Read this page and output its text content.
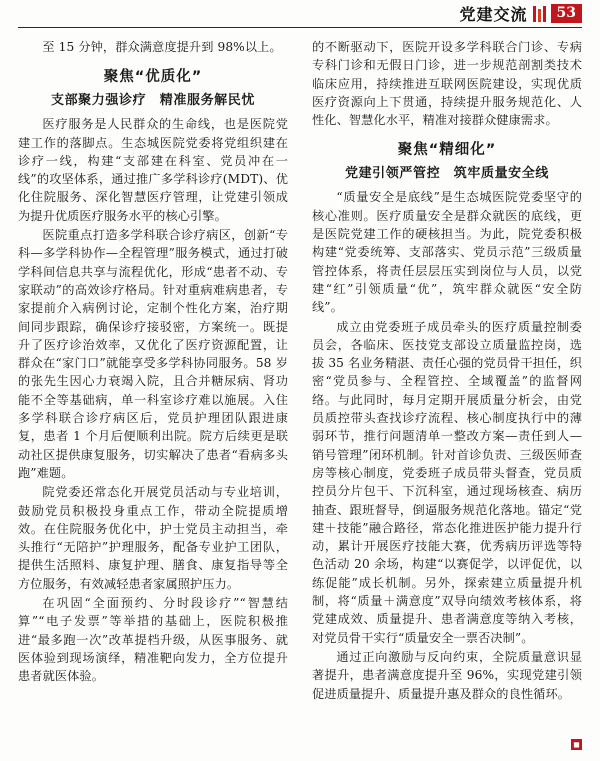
党建交流	53

至 15 分钟，群众满意度提升到 98%以上。

聚焦“优质化”
支部聚力强诊疗　精准服务解民忧

医疗服务是人民群众的生命线，也是医院党建工作的落脚点。生态城医院党委将党组织建在诊疗一线，构建“支部建在科室、党员冲在一线”的攻坚体系，通过推广多学科诊疗(MDT)、优化住院服务、深化智慧医疗管理，让党建引领成为提升优质医疗服务水平的核心引擎。

医院重点打造多学科联合诊疗病区，创新“专科—多学科协作—全程管理”服务模式，通过打破学科间信息共享与流程优化，形成“患者不动、专家联动”的高效诊疗格局。针对重病难病患者，专家提前介入病例讨论，定制个性化方案，治疗期间同步跟踪，确保诊疗接驳密，方案统一。既提升了医疗诊治效率，又优化了医疗资源配置，让群众在“家门口”就能享受多学科协同服务。58 岁的张先生因心力衰竭入院，且合并糖尿病、肾功能不全等基础病，单一科室诊疗难以施展。入住多学科联合诊疗病区后，党员护理团队跟进康复，患者 1 个月后便顺利出院。院方后续更是联动社区提供康复服务，切实解决了患者“看病多头跑”难题。

院党委还常态化开展党员活动与专业培训，鼓励党员积极投身重点工作，带动全院提质增效。在住院服务优化中，护士党员主动担当，牵头推行“无陪护”护理服务，配备专业护工团队，提供生活照料、康复护理、膳食、康复指导等全方位服务，有效减轻患者家属照护压力。

在巩固“全面预约、分时段诊疗”“智慧结算”“电子发票”等举措的基础上，医院积极推进“最多跑一次”改革提档升级，从医事服务、就医体验到现场演绎，精准靶向发力，全方位提升患者就医体验。

的不断驱动下，医院开设多学科联合门诊、专病专科门诊和无假日门诊，进一步规范剖割类技术临床应用，持续推进互联网医院建设，实现优质医疗资源向上下贯通，持续提升服务规范化、人性化、智慧化水平，精准对接群众健康需求。

聚焦“精细化”
党建引领严管控　筑牢质量安全线

“质量安全是底线”是生态城医院党委坚守的核心准则。医疗质量安全是群众就医的底线，更是医院党建工作的硬核担当。为此，院党委积极构建“党委统筹、支部落实、党员示范”三级质量管控体系，将责任层层压实到岗位与人员，以党建“红”引领质量“优”，筑牢群众就医“安全防线”。

成立由党委班子成员牵头的医疗质量控制委员会，各临床、医技党支部设立质量监控岗，选拔 35 名业务精湛、责任心强的党员骨干担任，织密“党员参与、全程管控、全域覆盖”的监督网络。与此同时，每月定期开展质量分析会，由党员质控带头查找诊疗流程、核心制度执行中的薄弱环节，推行问题清单一整改方案—责任到人—销号管理”闭环机制。针对首诊负责、三级医师查房等核心制度，党委班子成员带头督查，党员质控员分片包干、下沉科室，通过现场核查、病历抽查、跟班督导，倒逼服务规范化落地。锚定“党建＋技能”融合路径，常态化推进医护能力提升行动，累计开展医疗技能大赛，优秀病历评选等特色活动 20 余场，构建“以赛促学，以评促优，以练促能”成长机制。另外，探索建立质量提升机制，将“质量＋满意度”双导向绩效考核体系，将党建成效、质量提升、患者满意度等纳入考核，对党员骨干实行“质量安全一票否决制”。

通过正向激励与反向约束，全院质量意识显著提升，患者满意度提升至 96%，实现党建引领促进质量提升、质量提升惠及群众的良性循环。

◼
